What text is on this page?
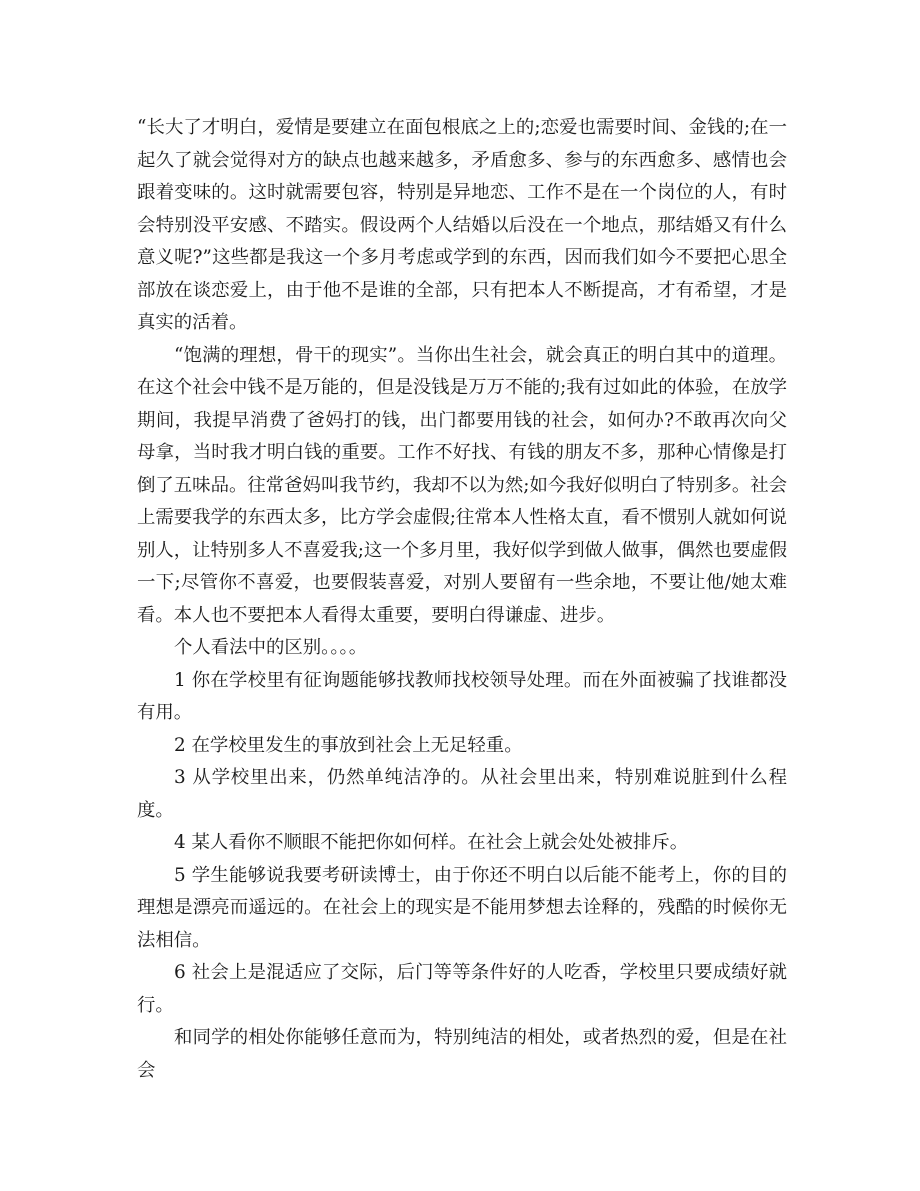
“长大了才明白，爱情是要建立在面包根底之上的;恋爱也需要时间、金钱的;在一起久了就会觉得对方的缺点也越来越多，矛盾愈多、参与的东西愈多、感情也会跟着变味的。这时就需要包容，特别是异地恋、工作不是在一个岗位的人，有时会特别没平安感、不踏实。假设两个人结婚以后没在一个地点，那结婚又有什么意义呢?”这些都是我这一个多月考虑或学到的东西，因而我们如今不要把心思全部放在谈恋爱上，由于他不是谁的全部，只有把本人不断提高，才有希望，才是真实的活着。

“饱满的理想，骨干的现实”。当你出生社会，就会真正的明白其中的道理。在这个社会中钱不是万能的，但是没钱是万万不能的;我有过如此的体验，在放学期间，我提早消费了爸妈打的钱，出门都要用钱的社会，如何办?不敢再次向父母拿，当时我才明白钱的重要。工作不好找、有钱的朋友不多，那种心情像是打倒了五味品。往常爸妈叫我节约，我却不以为然;如今我好似明白了特别多。社会上需要我学的东西太多，比方学会虚假;往常本人性格太直，看不惯别人就如何说别人，让特别多人不喜爱我;这一个多月里，我好似学到做人做事，偶然也要虚假一下;尽管你不喜爱，也要假装喜爱，对别人要留有一些余地，不要让他/她太难看。本人也不要把本人看得太重要，要明白得谦虚、进步。

个人看法中的区别。。。。

1 你在学校里有征询题能够找教师找校领导处理。而在外面被骗了找谁都没有用。

2 在学校里发生的事放到社会上无足轻重。

3 从学校里出来，仍然单纯洁净的。从社会里出来，特别难说脏到什么程度。

4 某人看你不顺眼不能把你如何样。在社会上就会处处被排斥。

5 学生能够说我要考研读博士，由于你还不明白以后能不能考上，你的目的理想是漂亮而遥远的。在社会上的现实是不能用梦想去诠释的，残酷的时候你无法相信。

6 社会上是混适应了交际，后门等等条件好的人吃香，学校里只要成绩好就行。

和同学的相处你能够任意而为，特别纯洁的相处，或者热烈的爱，但是在社会
